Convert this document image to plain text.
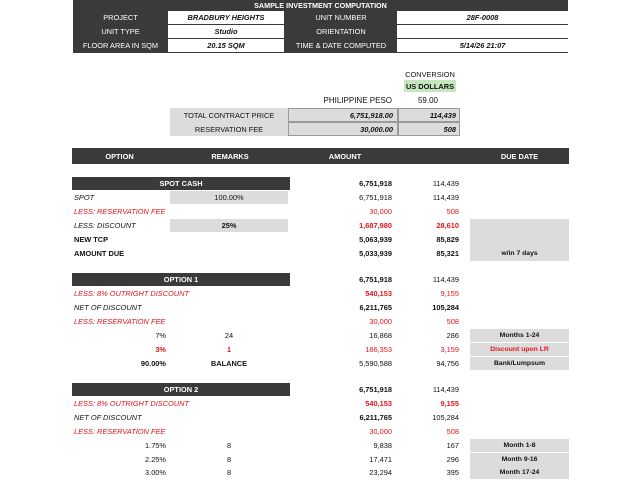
SAMPLE INVESTMENT COMPUTATION
PROJECT	BRADBURY HEIGHTS	UNIT NUMBER	28F-0008
UNIT TYPE	Studio	ORIENTATION
FLOOR AREA IN SQM	20.15 SQM	TIME & DATE COMPUTED	5/14/26 21:07
CONVERSION
US DOLLARS
PHILIPPINE PESO	59.00
TOTAL CONTRACT PRICE	6,751,918.00	114,439
RESERVATION FEE	30,000.00	508
OPTION	REMARKS	AMOUNT	DUE DATE
SPOT CASH	6,751,918	114,439
SPOT	100.00%	6,751,918	114,439
LESS: RESERVATION FEE	30,000	508
LESS: DISCOUNT	25%	1,687,980	28,610
NEW TCP	5,063,939	85,829
AMOUNT DUE	5,033,939	85,321	w/in 7 days
OPTION 1	6,751,918	114,439
LESS: 8% OUTRIGHT DISCOUNT	540,153	9,155
NET OF DISCOUNT	6,211,765	105,284
LESS: RESERVATION FEE	30,000	508
7%	24	16,868	286	Months 1-24
3%	1	186,353	3,159	Discount upon LR
90.00%	BALANCE	5,590,588	94,756	Bank/Lumpsum
OPTION 2	6,751,918	114,439
LESS: 8% OUTRIGHT DISCOUNT	540,153	9,155
NET OF DISCOUNT	6,211,765	105,284
LESS: RESERVATION FEE	30,000	508
1.75%	8	9,838	167	Month 1-8
2.25%	8	17,471	296	Month 9-16
3.00%	8	23,294	395	Month 17-24
